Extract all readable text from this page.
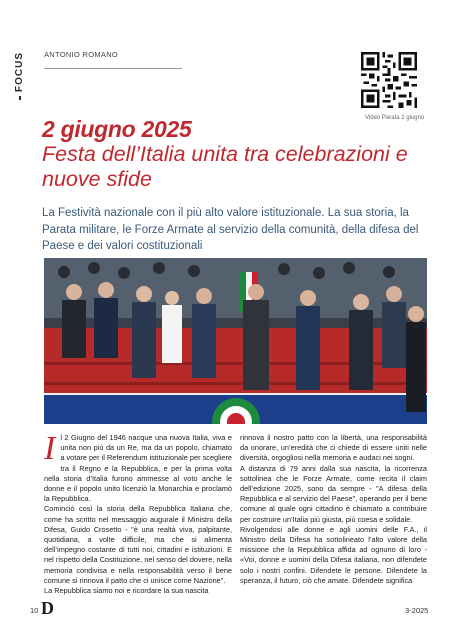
FOCUS	ANTONIO ROMANO
Video Parata 2 giugno
2 giugno 2025
Festa dell’Italia unita tra celebrazioni e nuove sfide
La Festività nazionale con il più alto valore istituzionale. La sua storia, la Parata militare, le Forze Armate al servizio della comunità, della difesa del Paese e dei valori costituzionali
I l 2 Giugno del 1946 nacque una nuova Italia, viva e unita non più da un Re, ma da un popolo, chiamato a votare per il Referendum istituzionale per scegliere tra il Regno e la Repubblica, e per la prima volta nella storia d’Italia furono ammesse al voto anche le donne e il popolo unito licenziò la Monarchia e proclamò la Repubblica.

Cominciò così la storia della Repubblica Italiana che, come ha scritto nel messaggio augurale il Ministro della Difesa, Guido Crosetto - "è una realtà viva, palpitante, quotidiana, a volte difficile, ma che si alimenta dell’impegno costante di tutti noi, cittadini e istituzioni. E nel rispetto della Costituzione, nel senso del dovere, nella memoria condivisa e nella responsabilità verso il bene comune si rinnova il patto che ci unisce come Nazione".

La Repubblica siamo noi e ricordare la sua nascita

rinnova il nostro patto con la libertà, una responsabilità da onorare, un’eredità che ci chiede di essere uniti nelle diversità, orgogliosi nella memoria e audaci nei sogni.

A distanza di 79 anni dalla sua nascita, la ricorrenza sottolinea che le Forze Armate, come recita il claim dell’edizione 2025, sono da sempre - "A difesa della Repubblica e al servizio del Paese", operando per il bene comune al quale ogni cittadino è chiamato a contribuire per costruire un’Italia più giusta, più coesa e solidale.

Rivolgendosi alle donne e agli uomini delle F.A., il Ministro della Difesa ha sottolineato l’alto valore della missione che la Repubblica affida ad ognuno di loro - «Voi, donne e uomini della Difesa italiana, non difendete solo i nostri confini. Difendete le persone. Difendete la speranza, il futuro, ciò che amate. Difendete significa

10 D	3-2025
